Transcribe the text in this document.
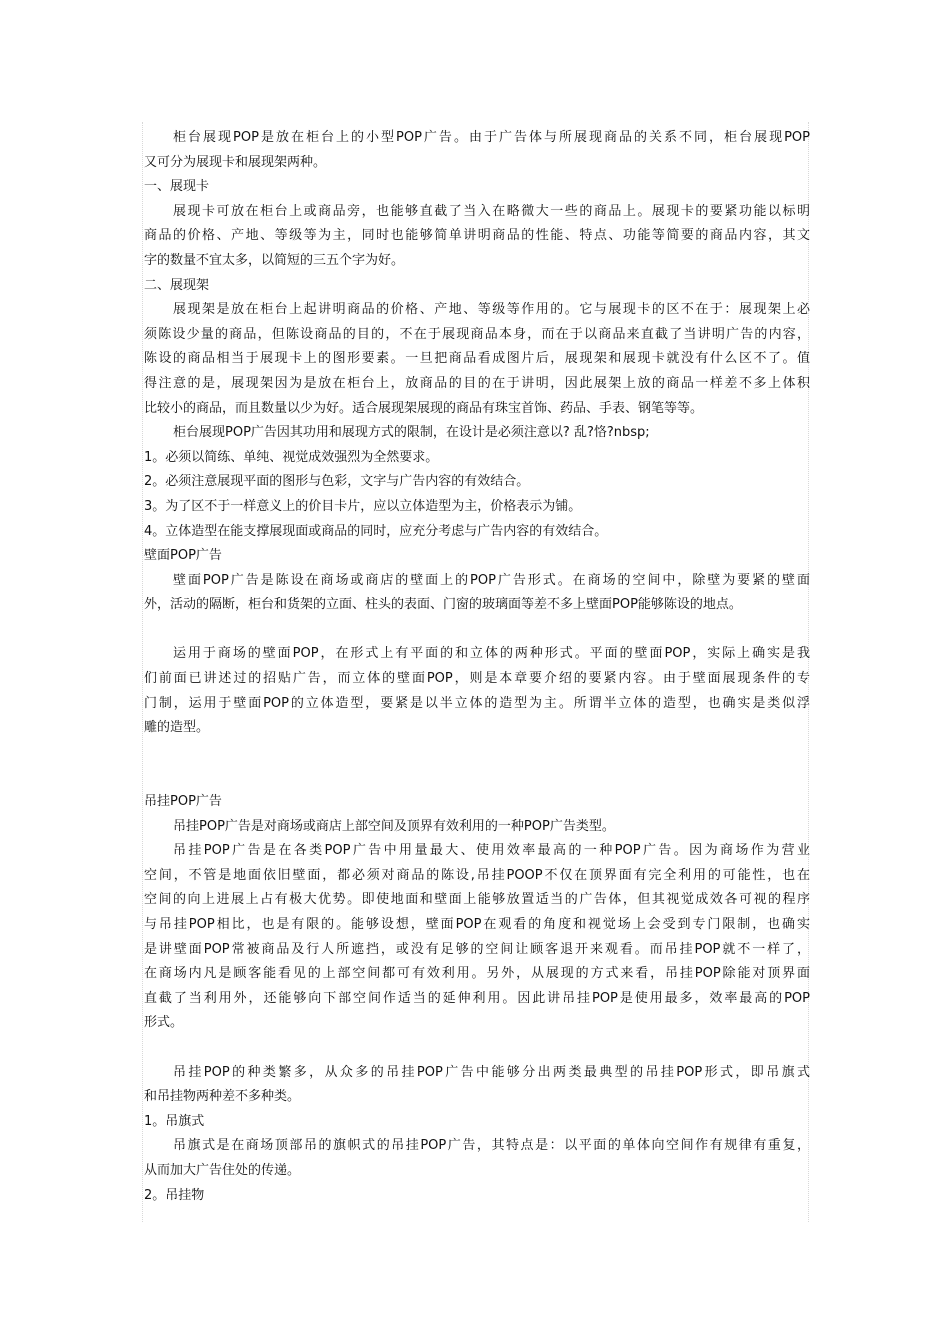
柜台展现POP是放在柜台上的小型POP广告。由于广告体与所展现商品的关系不同，柜台展现POP
又可分为展现卡和展现架两种。
一、展现卡
展现卡可放在柜台上或商品旁，也能够直截了当入在略微大一些的商品上。展现卡的要紧功能以标明
商品的价格、产地、等级等为主，同时也能够简单讲明商品的性能、特点、功能等简要的商品内容，其文
字的数量不宜太多，以简短的三五个字为好。
二、展现架
展现架是放在柜台上起讲明商品的价格、产地、等级等作用的。它与展现卡的区不在于：展现架上必
须陈设少量的商品，但陈设商品的目的，不在于展现商品本身，而在于以商品来直截了当讲明广告的内容，
陈设的商品相当于展现卡上的图形要素。一旦把商品看成图片后，展现架和展现卡就没有什么区不了。值
得注意的是，展现架因为是放在柜台上，放商品的目的在于讲明，因此展架上放的商品一样差不多上体积
比较小的商品，而且数量以少为好。适合展现架展现的商品有珠宝首饰、药品、手表、钢笔等等。
柜台展现POP广告因其功用和展现方式的限制，在设计是必须注意以? 乱?恪?nbsp;
1。必须以简练、单纯、视觉成效强烈为全然要求。
2。必须注意展现平面的图形与色彩，文字与广告内容的有效结合。
3。为了区不于一样意义上的价目卡片，应以立体造型为主，价格表示为铺。
4。立体造型在能支撑展现面或商品的同时，应充分考虑与广告内容的有效结合。
壁面POP广告
壁面POP广告是陈设在商场或商店的壁面上的POP广告形式。在商场的空间中，除壁为要紧的壁面
外，活动的隔断，柜台和货架的立面、柱头的表面、门窗的玻璃面等差不多上壁面POP能够陈设的地点。
运用于商场的壁面POP，在形式上有平面的和立体的两种形式。平面的壁面POP，实际上确实是我
们前面已讲述过的招贴广告，而立体的壁面POP，则是本章要介绍的要紧内容。由于壁面展现条件的专
门制，运用于壁面POP的立体造型，要紧是以半立体的造型为主。所谓半立体的造型，也确实是类似浮
雕的造型。
吊挂POP广告
吊挂POP广告是对商场或商店上部空间及顶界有效利用的一种POP广告类型。
吊挂POP广告是在各类POP广告中用量最大、使用效率最高的一种POP广告。因为商场作为营业
空间，不管是地面依旧壁面，都必须对商品的陈设,吊挂POOP不仅在顶界面有完全利用的可能性，也在
空间的向上进展上占有极大优势。即使地面和壁面上能够放置适当的广告体，但其视觉成效各可视的程序
与吊挂POP相比，也是有限的。能够设想，壁面POP在观看的角度和视觉场上会受到专门限制，也确实
是讲壁面POP常被商品及行人所遮挡，或没有足够的空间让顾客退开来观看。而吊挂POP就不一样了，
在商场内凡是顾客能看见的上部空间都可有效利用。另外，从展现的方式来看，吊挂POP除能对顶界面
直截了当利用外，还能够向下部空间作适当的延伸利用。因此讲吊挂POP是使用最多，效率最高的POP
形式。
吊挂POP的种类繁多，从众多的吊挂POP广告中能够分出两类最典型的吊挂POP形式，即吊旗式
和吊挂物两种差不多种类。
1。吊旗式
吊旗式是在商场顶部吊的旗帜式的吊挂POP广告，其特点是：以平面的单体向空间作有规律有重复，
从而加大广告住处的传递。
2。吊挂物
